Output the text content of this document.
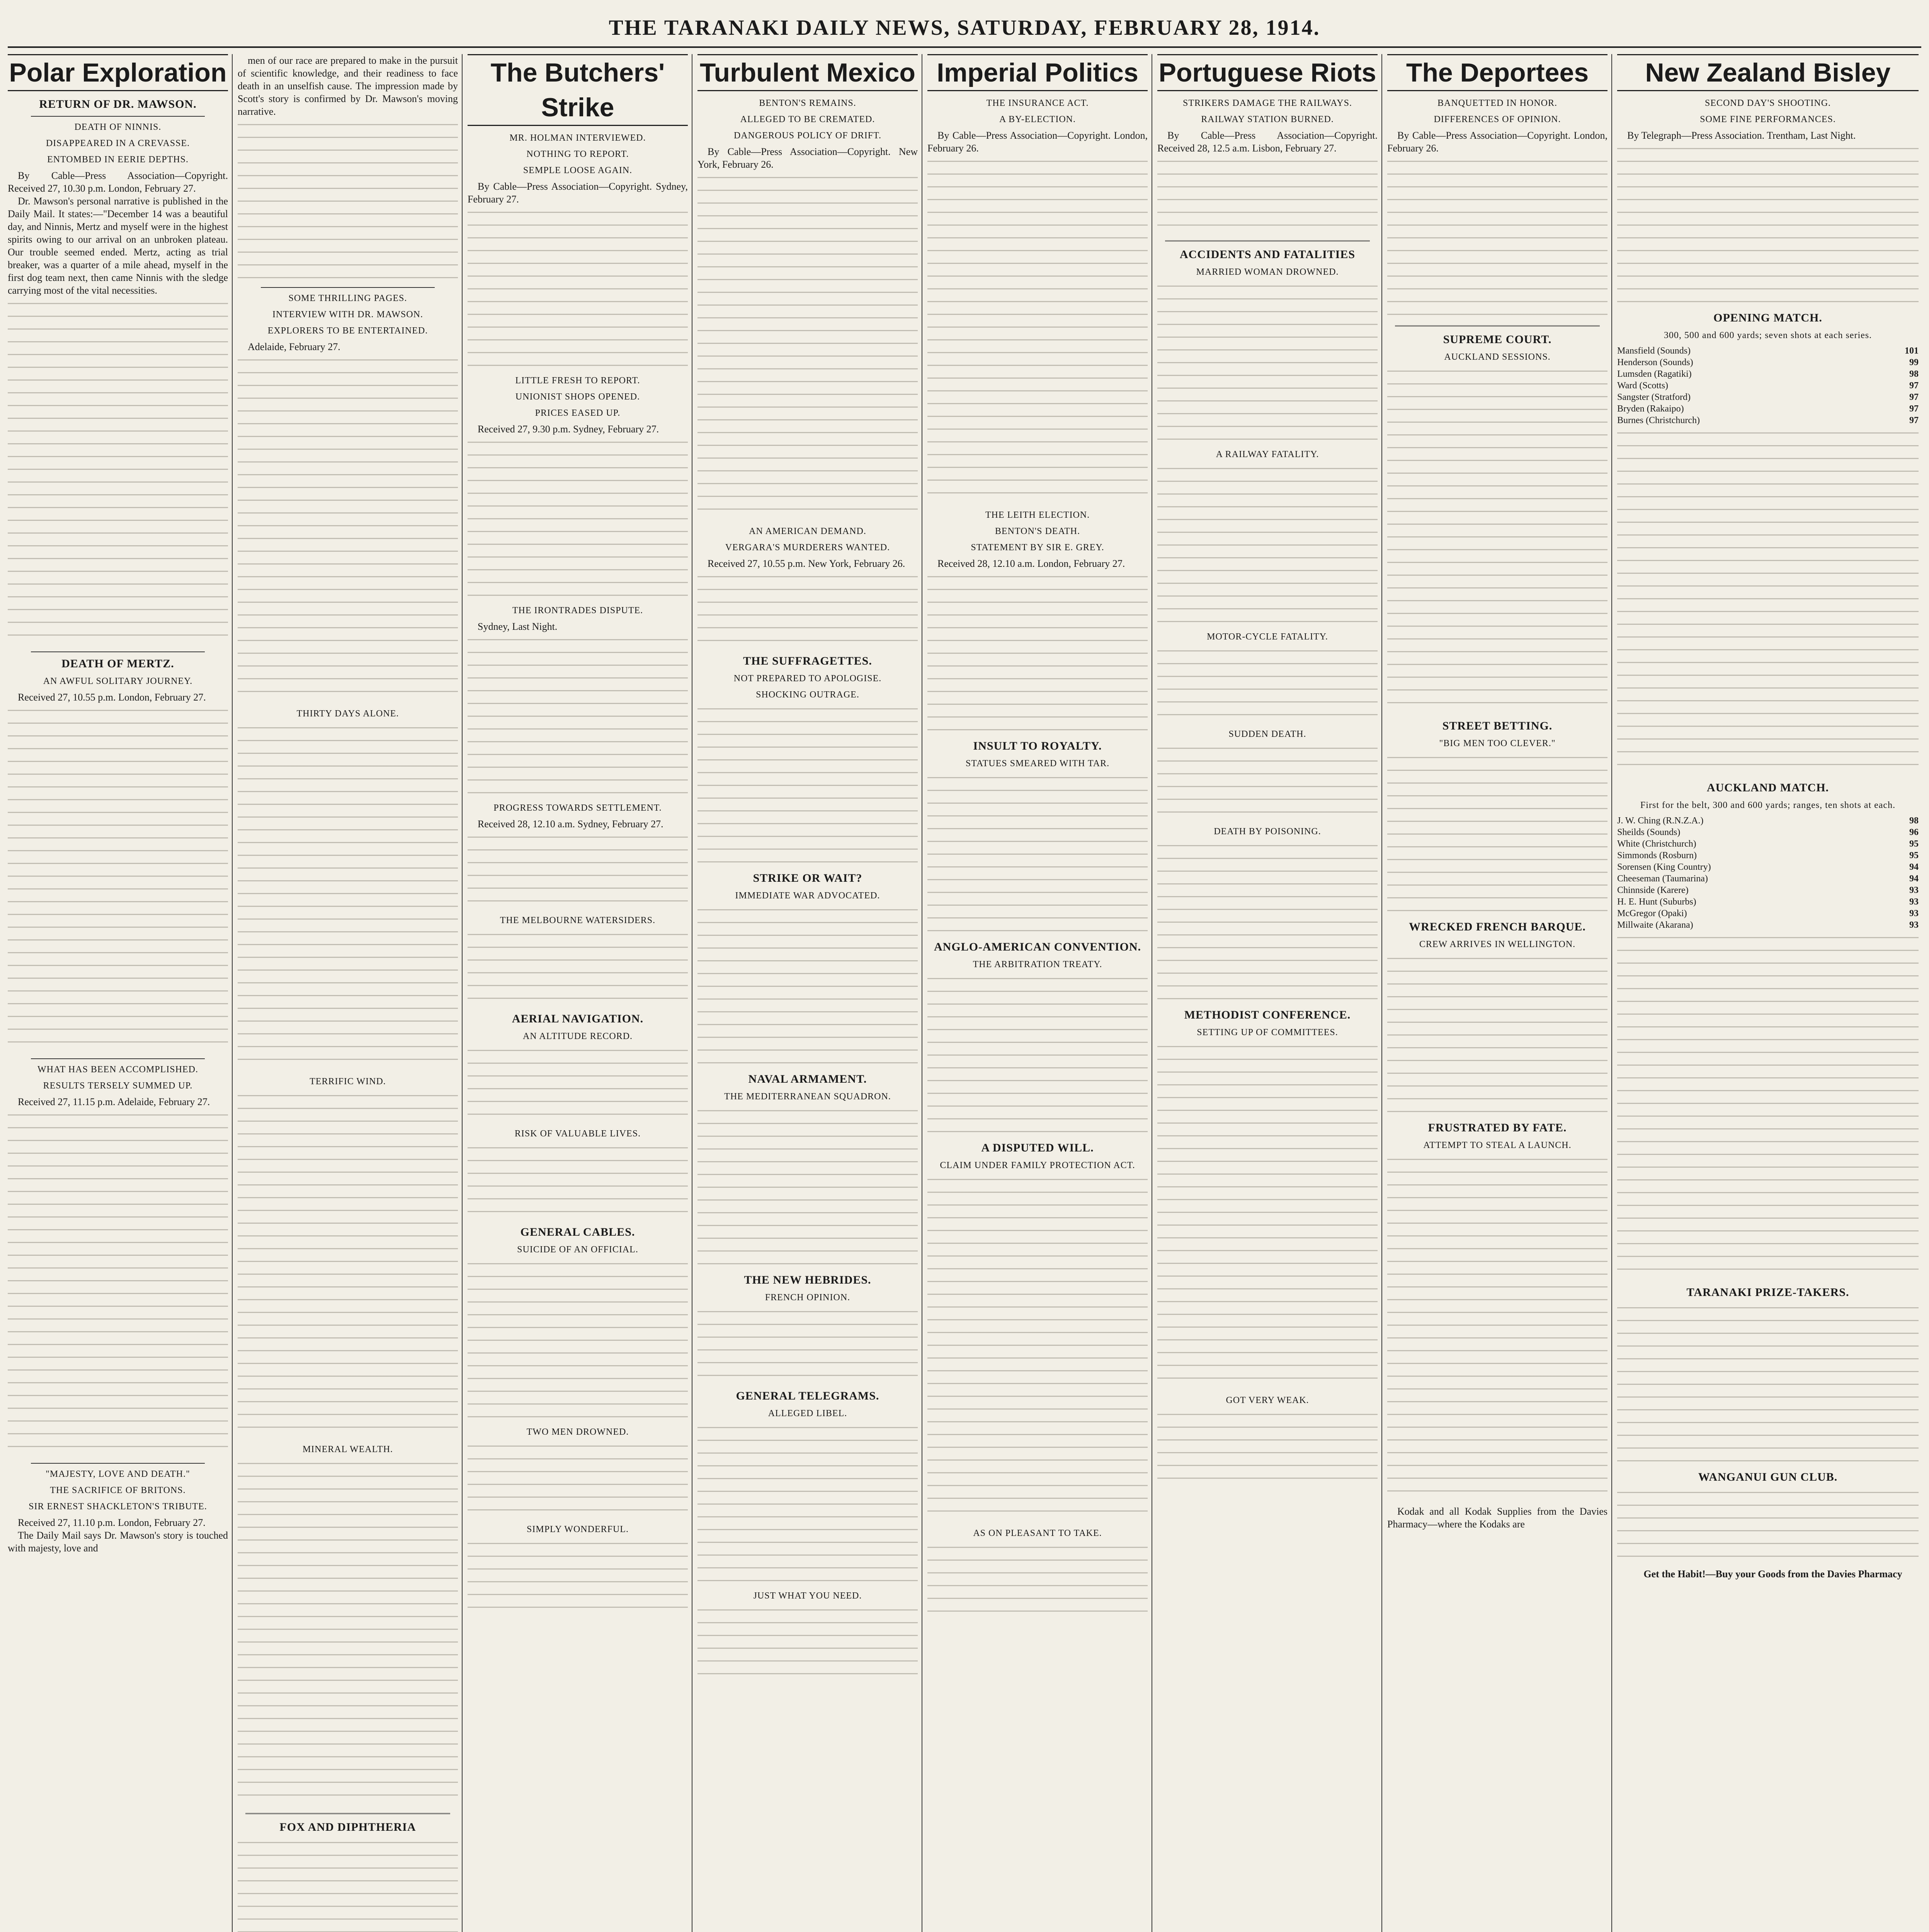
THE TARANAKI DAILY NEWS, SATURDAY, FEBRUARY 28, 1914.
Polar Exploration
RETURN OF DR. MAWSON.
DEATH OF NINNIS.
DISAPPEARED IN A CREVASSE.
ENTOMBED IN EERIE DEPTHS.

By Cable—Press Association—Copyright. Received 27, 10.30 p.m. London, February 27.

Dr. Mawson's personal narrative is published in the Daily Mail. It states:—"December 14 was a beautiful day, and Ninnis, Mertz and myself were in the highest spirits owing to our arrival on an unbroken plateau. Our trouble seemed ended. Mertz, acting as trial breaker, was a quarter of a mile ahead, myself in the first dog team next, then came Ninnis with the sledge carrying most of the vital necessities.

DEATH OF MERTZ.
AN AWFUL SOLITARY JOURNEY.

Received 27, 10.55 p.m. London, February 27.

WHAT HAS BEEN ACCOMPLISHED.
RESULTS TERSELY SUMMED UP.

Received 27, 11.15 p.m. Adelaide, February 27.

"MAJESTY, LOVE AND DEATH."
THE SACRIFICE OF BRITONS.
SIR ERNEST SHACKLETON'S TRIBUTE.

Received 27, 11.10 p.m. London, February 27.

The Daily Mail says Dr. Mawson's story is touched with majesty, love and

men of our race are prepared to make in the pursuit of scientific knowledge, and their readiness to face death in an unselfish cause. The impression made by Scott's story is confirmed by Dr. Mawson's moving narrative.

SOME THRILLING PAGES.
INTERVIEW WITH DR. MAWSON.
EXPLORERS TO BE ENTERTAINED.

Adelaide, February 27.

THIRTY DAYS ALONE.
TERRIFIC WIND.
MINERAL WEALTH.
FOX AND DIPHTHERIA
The Butchers' Strike
MR. HOLMAN INTERVIEWED.
NOTHING TO REPORT.
SEMPLE LOOSE AGAIN.

By Cable—Press Association—Copyright. Sydney, February 27.

LITTLE FRESH TO REPORT.
UNIONIST SHOPS OPENED.
PRICES EASED UP.

Received 27, 9.30 p.m. Sydney, February 27.

THE IRONTRADES DISPUTE.

Sydney, Last Night.

PROGRESS TOWARDS SETTLEMENT.

Received 28, 12.10 a.m. Sydney, February 27.

THE MELBOURNE WATERSIDERS.
AERIAL NAVIGATION.
AN ALTITUDE RECORD.
RISK OF VALUABLE LIVES.
GENERAL CABLES.
SUICIDE OF AN OFFICIAL.
TWO MEN DROWNED.
SIMPLY WONDERFUL.
Turbulent Mexico
BENTON'S REMAINS.
ALLEGED TO BE CREMATED.
DANGEROUS POLICY OF DRIFT.

By Cable—Press Association—Copyright. New York, February 26.

AN AMERICAN DEMAND.
VERGARA'S MURDERERS WANTED.

Received 27, 10.55 p.m. New York, February 26.

THE SUFFRAGETTES.
NOT PREPARED TO APOLOGISE.
SHOCKING OUTRAGE.
STRIKE OR WAIT?
IMMEDIATE WAR ADVOCATED.
NAVAL ARMAMENT.
THE MEDITERRANEAN SQUADRON.
THE NEW HEBRIDES.
FRENCH OPINION.
GENERAL TELEGRAMS.
ALLEGED LIBEL.
JUST WHAT YOU NEED.
Imperial Politics
THE INSURANCE ACT.
A BY-ELECTION.

By Cable—Press Association—Copyright. London, February 26.

THE LEITH ELECTION.
BENTON'S DEATH.
STATEMENT BY SIR E. GREY.

Received 28, 12.10 a.m. London, February 27.

INSULT TO ROYALTY.
STATUES SMEARED WITH TAR.
ANGLO-AMERICAN CONVENTION.
THE ARBITRATION TREATY.
A DISPUTED WILL.
CLAIM UNDER FAMILY PROTECTION ACT.
AS ON PLEASANT TO TAKE.
Portuguese Riots
STRIKERS DAMAGE THE RAILWAYS.
RAILWAY STATION BURNED.

By Cable—Press Association—Copyright. Received 28, 12.5 a.m. Lisbon, February 27.

ACCIDENTS AND FATALITIES
MARRIED WOMAN DROWNED.
A RAILWAY FATALITY.
MOTOR-CYCLE FATALITY.
SUDDEN DEATH.
DEATH BY POISONING.
METHODIST CONFERENCE.
SETTING UP OF COMMITTEES.
GOT VERY WEAK.
The Deportees
BANQUETTED IN HONOR.
DIFFERENCES OF OPINION.

By Cable—Press Association—Copyright. London, February 26.

SUPREME COURT.
AUCKLAND SESSIONS.
STREET BETTING.
"BIG MEN TOO CLEVER."
WRECKED FRENCH BARQUE.
CREW ARRIVES IN WELLINGTON.
FRUSTRATED BY FATE.
ATTEMPT TO STEAL A LAUNCH.

Kodak and all Kodak Supplies from the Davies Pharmacy—where the Kodaks are

New Zealand Bisley
SECOND DAY'S SHOOTING.
SOME FINE PERFORMANCES.

By Telegraph—Press Association. Trentham, Last Night.

OPENING MATCH.
300, 500 and 600 yards; seven shots at each series.
Mansfield (Sounds)	101
Henderson (Sounds)	99
Lumsden (Ragatiki)	98
Ward (Scotts)	97
Sangster (Stratford)	97
Bryden (Rakaipo)	97
Burnes (Christchurch)	97
AUCKLAND MATCH.
First for the belt, 300 and 600 yards; ranges, ten shots at each.
J. W. Ching (R.N.Z.A.)	98
Sheilds (Sounds)	96
White (Christchurch)	95
Simmonds (Rosburn)	95
Sorensen (King Country)	94
Cheeseman (Taumarina)	94
Chinnside (Karere)	93
H. E. Hunt (Suburbs)	93
McGregor (Opaki)	93
Millwaite (Akarana)	93
TARANAKI PRIZE-TAKERS.
WANGANUI GUN CLUB.

Get the Habit!—Buy your Goods from the Davies Pharmacy
